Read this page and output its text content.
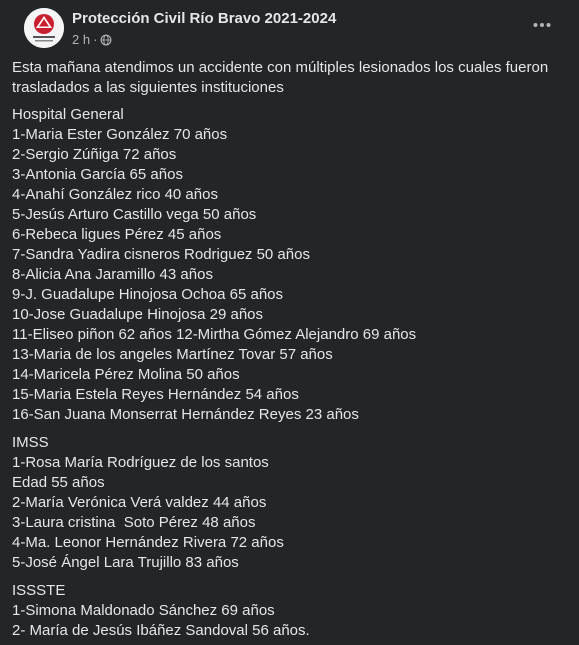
Protección Civil Río Bravo 2021-2024
2 h ·

Esta mañana atendimos un accidente con múltiples lesionados los cuales fueron trasladados a las siguientes instituciones

Hospital General

1-Maria Ester González 70 años

2-Sergio Zúñiga 72 años

3-Antonia García 65 años

4-Anahí González rico 40 años

5-Jesús Arturo Castillo vega 50 años

6-Rebeca ligues Pérez 45 años

7-Sandra Yadira cisneros Rodriguez 50 años

8-Alicia Ana Jaramillo 43 años

9-J. Guadalupe Hinojosa Ochoa 65 años

10-Jose Guadalupe Hinojosa 29 años

11-Eliseo piñon 62 años 12-Mirtha Gómez Alejandro 69 años

13-Maria de los angeles Martínez Tovar 57 años

14-Maricela Pérez Molina 50 años

15-Maria Estela Reyes Hernández 54 años

16-San Juana Monserrat Hernández Reyes 23 años

IMSS

1-Rosa María Rodríguez de los santos

Edad 55 años

2-María Verónica Verá valdez 44 años

3-Laura cristina  Soto Pérez 48 años

4-Ma. Leonor Hernández Rivera 72 años

5-José Ángel Lara Trujillo 83 años

ISSSTE

1-Simona Maldonado Sánchez 69 años

2- María de Jesús Ibáñez Sandoval 56 años.
